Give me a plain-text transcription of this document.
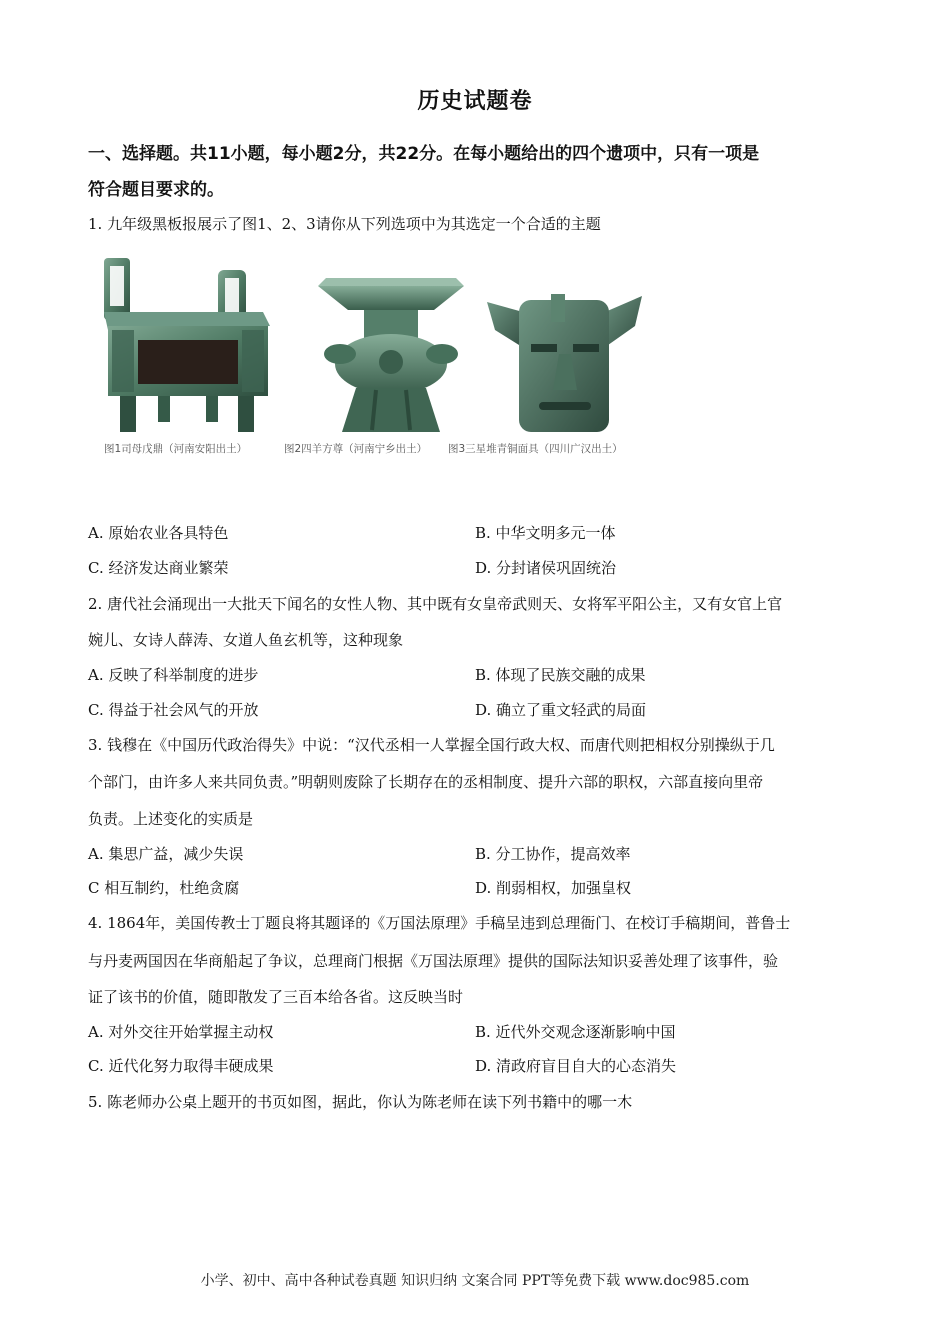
历史试题卷
一、选择题。共11小题，每小题2分，共22分。在每小题给出的四个遗项中，只有一项是
符合题目要求的。
1. 九年级黑板报展示了图1、2、3请你从下列选项中为其选定一个合适的主题
图1司母戊鼎（河南安阳出土）	图2四羊方尊（河南宁乡出土） 图3三星堆青铜面具（四川广汉出土）
A. 原始农业各具特色	B. 中华文明多元一体
C. 经济发达商业繁荣	D. 分封诸侯巩固统治
2. 唐代社会涌现出一大批天下闻名的女性人物、其中既有女皇帝武则天、女将军平阳公主，又有女官上官
婉儿、女诗人薛涛、女道人鱼玄机等，这种现象
A. 反映了科举制度的进步	B. 体现了民族交融的成果
C. 得益于社会风气的开放	D. 确立了重文轻武的局面
3. 钱穆在《中国历代政治得失》中说：“汉代丞相一人掌握全国行政大权、而唐代则把相权分别操纵于几
个部门，由许多人来共同负责。”明朝则废除了长期存在的丞相制度、提升六部的职权，六部直接向里帝
负责。上述变化的实质是
A. 集思广益，减少失误	B. 分工协作，提高效率
C 相互制约，杜绝贪腐	D. 削弱相权，加强皇权
4. 1864年，美国传教士丁题良将其题译的《万国法原理》手稿呈违到总理衙门、在校订手稿期间，普鲁士
与丹麦两国因在华商船起了争议，总理商门根据《万国法原理》提供的国际法知识妥善处理了该事件，验
证了该书的价值，随即散发了三百本给各省。这反映当时
A. 对外交往开始掌握主动权	B. 近代外交观念逐渐影响中国
C. 近代化努力取得丰硬成果	D. 清政府盲目自大的心态消失
5. 陈老师办公桌上题开的书页如图，据此，你认为陈老师在读下列书籍中的哪一木
小学、初中、高中各种试卷真题 知识归纳 文案合同 PPT等免费下载 www.doc985.com
